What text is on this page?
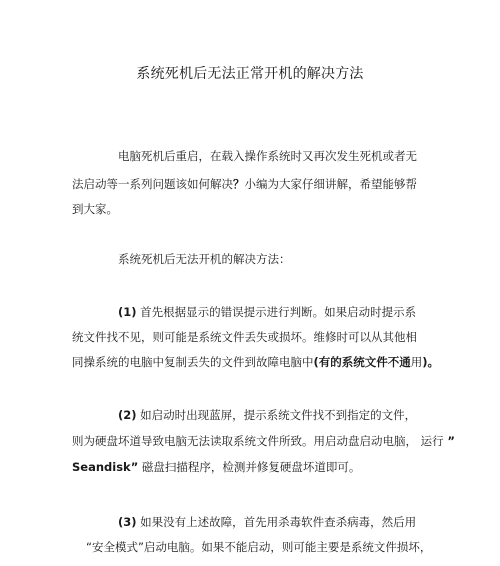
系统死机后无法正常开机的解决方法
电脑死机后重启，在载入操作系统时又再次发生死机或者无
法启动等一系列问题该如何解决？小编为大家仔细讲解，希望能够帮
到大家。
系统死机后无法开机的解决方法：
(1) 首先根据显示的错误提示进行判断。如果启动时提示系
统文件找不见，则可能是系统文件丢失或损坏。维修时可以从其他相
同操系统的电脑中复制丢失的文件到故障电脑中(有的系统文件不通用)。
(2) 如启动时出现蓝屏，提示系统文件找不到指定的文件，
则为硬盘坏道导致电脑无法读取系统文件所致。用启动盘启动电脑， 运行 ”
Seandisk” 磁盘扫描程序，检测并修复硬盘坏道即可。
(3) 如果没有上述故障，首先用杀毒软件查杀病毒，然后用
“安全模式”启动电脑。如果不能启动，则可能主要是系统文件损坏，
